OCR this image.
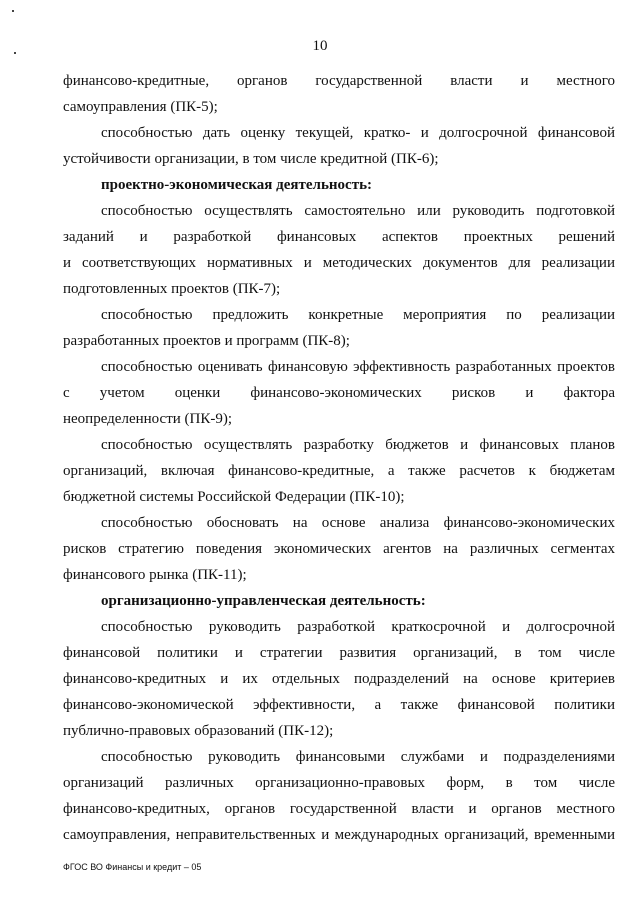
10
финансово-кредитные, органов государственной власти и местного
самоуправления (ПК-5);
способностью дать оценку текущей, кратко- и долгосрочной финансовой
устойчивости организации, в том числе кредитной (ПК-6);
проектно-экономическая деятельность:
способностью осуществлять самостоятельно или руководить подготовкой
заданий и разработкой финансовых аспектов проектных решений
и соответствующих нормативных и методических документов для реализации
подготовленных проектов (ПК-7);
способностью предложить конкретные мероприятия по реализации
разработанных проектов и программ (ПК-8);
способностью оценивать финансовую эффективность разработанных проектов
с учетом оценки финансово-экономических рисков и фактора
неопределенности (ПК-9);
способностью осуществлять разработку бюджетов и финансовых планов
организаций, включая финансово-кредитные, а также расчетов к бюджетам
бюджетной системы Российской Федерации (ПК-10);
способностью обосновать на основе анализа финансово-экономических
рисков стратегию поведения экономических агентов на различных сегментах
финансового рынка (ПК-11);
организационно-управленческая деятельность:
способностью руководить разработкой краткосрочной и долгосрочной
финансовой политики и стратегии развития организаций, в том числе
финансово-кредитных и их отдельных подразделений на основе критериев
финансово-экономической эффективности, а также финансовой политики
публично-правовых образований (ПК-12);
способностью руководить финансовыми службами и подразделениями
организаций различных организационно-правовых форм, в том числе
финансово-кредитных, органов государственной власти и органов местного
самоуправления, неправительственных и международных организаций, временными
ФГОС ВО Финансы и кредит – 05
